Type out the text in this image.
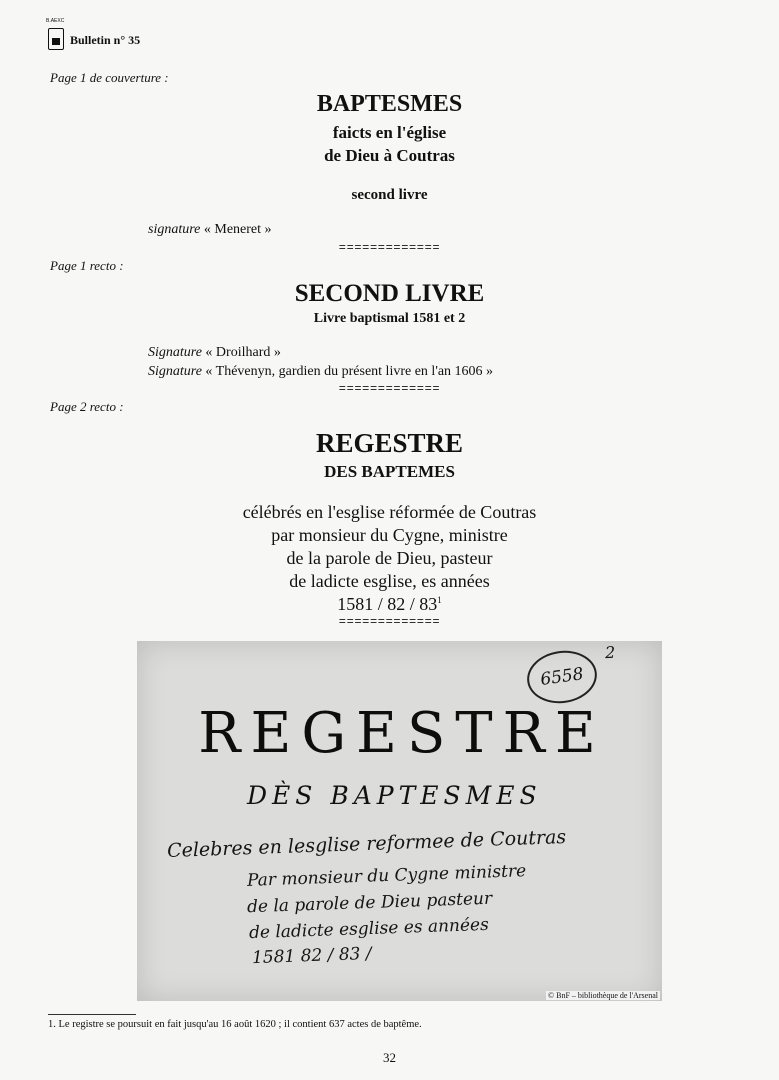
B.AEXC
Bulletin n° 35
Page 1 de couverture :
BAPTESMES
faicts en l'église
de Dieu à Coutras
second livre
signature « Meneret »
=============
Page 1 recto :
SECOND LIVRE
Livre baptismal 1581 et 2
Signature « Droilhard »
Signature « Thévenyn, gardien du présent livre en l'an 1606 »
=============
Page 2 recto :
REGESTRE
DES BAPTEMES
célébrés en l'esglise réformée de Coutras
par monsieur du Cygne, ministre
de la parole de Dieu, pasteur
de ladicte esglise, es années
$1581 / 82 / 83^1$
=============
6558
2
REGESTRE
DÈS BAPTESMES
Celebres en lesglise reformee de Coutras
Par monsieur du Cygne ministre
de la parole de Dieu pasteur
de ladicte esglise es années
1581 82 / 83 /
© BnF – bibliothèque de l'Arsenal
1. Le registre se poursuit en fait jusqu'au 16 août 1620 ; il contient 637 actes de baptême.
32
